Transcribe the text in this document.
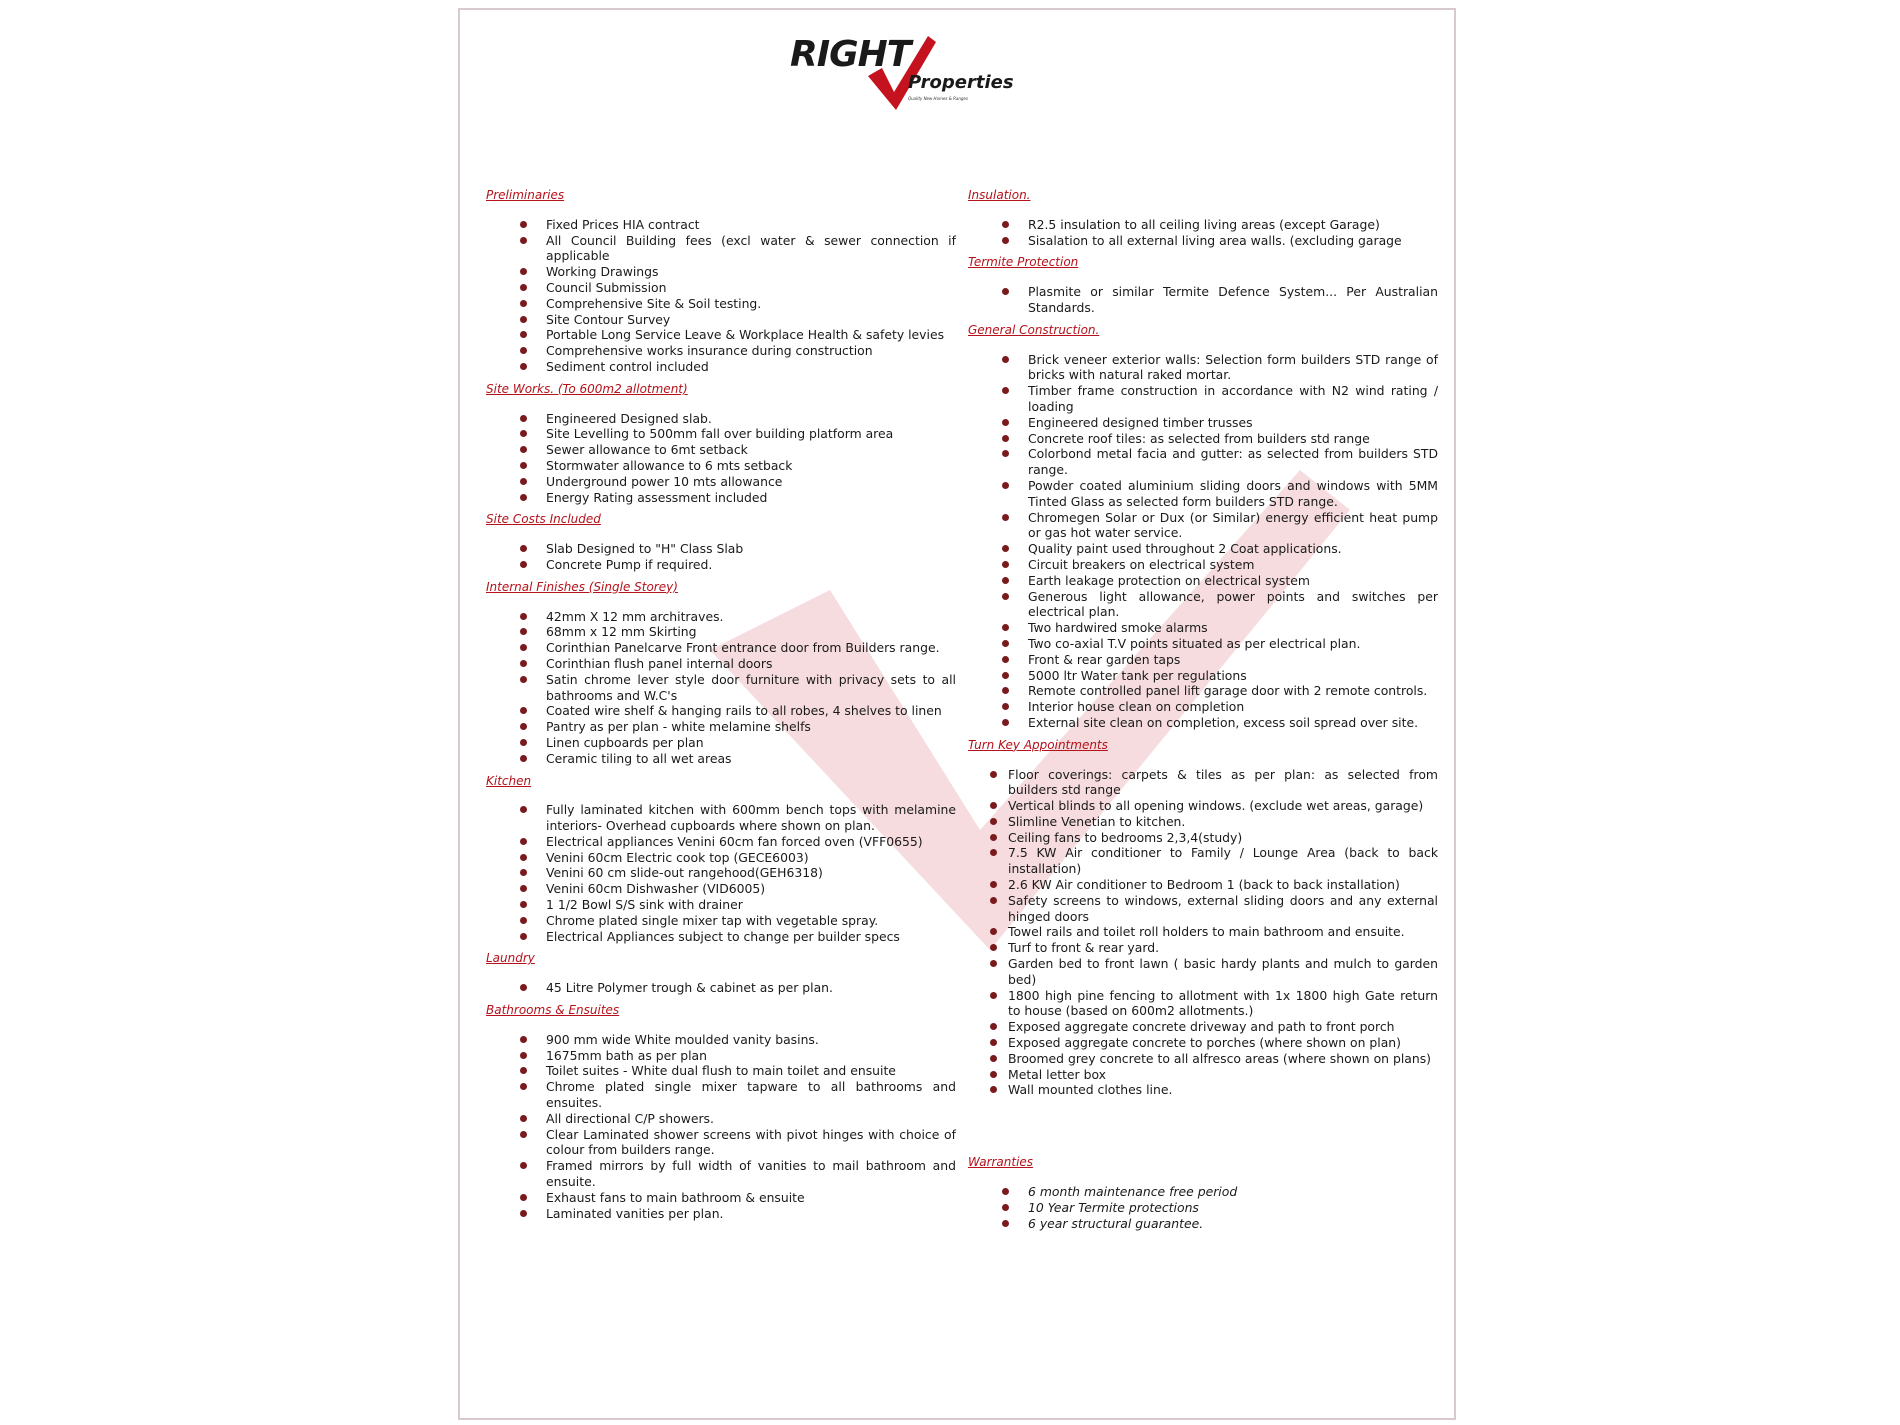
RIGHT
Properties
Quality New Homes & Ranges
Preliminaries
Fixed Prices HIA contract
All Council Building fees (excl water & sewer connection if applicable
Working Drawings
Council Submission
Comprehensive Site & Soil testing.
Site Contour Survey
Portable Long Service Leave & Workplace Health & safety levies
Comprehensive works insurance during construction
Sediment control included
Site Works. (To 600m2 allotment)
Engineered Designed slab.
Site Levelling to 500mm fall over building platform area
Sewer allowance to 6mt setback
Stormwater allowance to 6 mts setback
Underground power 10 mts allowance
Energy Rating assessment included
Site Costs Included
Slab Designed to "H" Class Slab
Concrete Pump if required.
Internal Finishes (Single Storey)
42mm X 12 mm architraves.
68mm x 12 mm Skirting
Corinthian Panelcarve Front entrance door from Builders range.
Corinthian flush panel internal doors
Satin chrome lever style door furniture with privacy sets to all bathrooms and W.C's
Coated wire shelf & hanging rails to all robes, 4 shelves to linen
Pantry as per plan - white melamine shelfs
Linen cupboards per plan
Ceramic tiling to all wet areas
Kitchen
Fully laminated kitchen with 600mm bench tops with melamine interiors- Overhead cupboards where shown on plan.
Electrical appliances Venini 60cm fan forced oven (VFF0655)
Venini 60cm Electric cook top (GECE6003)
Venini 60 cm slide-out rangehood(GEH6318)
Venini 60cm Dishwasher (VID6005)
1 1/2 Bowl S/S sink with drainer
Chrome plated single mixer tap with vegetable spray.
Electrical Appliances subject to change per builder specs
Laundry
45 Litre Polymer trough & cabinet as per plan.
Bathrooms & Ensuites
900 mm wide White moulded vanity basins.
1675mm bath as per plan
Toilet suites - White dual flush to main toilet and ensuite
Chrome plated single mixer tapware to all bathrooms and ensuites.
All directional C/P showers.
Clear Laminated shower screens with pivot hinges with choice of colour from builders range.
Framed mirrors by full width of vanities to mail bathroom and ensuite.
Exhaust fans to main bathroom & ensuite
Laminated vanities per plan.
Insulation.
R2.5 insulation to all ceiling living areas (except Garage)
Sisalation to all external living area walls. (excluding garage
Termite Protection
Plasmite or similar Termite Defence System... Per Australian Standards.
General Construction.
Brick veneer exterior walls: Selection form builders STD range of bricks with natural raked mortar.
Timber frame construction in accordance with N2 wind rating / loading
Engineered designed timber trusses
Concrete roof tiles: as selected from builders std range
Colorbond metal facia and gutter: as selected from builders STD range.
Powder coated aluminium sliding doors and windows with 5MM Tinted Glass as selected form builders STD range.
Chromegen Solar or Dux (or Similar) energy efficient heat pump or gas hot water service.
Quality paint used throughout 2 Coat applications.
Circuit breakers on electrical system
Earth leakage protection on electrical system
Generous light allowance, power points and switches per electrical plan.
Two hardwired smoke alarms
Two co-axial T.V points situated as per electrical plan.
Front & rear garden taps
5000 ltr Water tank per regulations
Remote controlled panel lift garage door with 2 remote controls.
Interior house clean on completion
External site clean on completion, excess soil spread over site.
Turn Key Appointments
Floor coverings: carpets & tiles as per plan: as selected from builders std range
Vertical blinds to all opening windows. (exclude wet areas, garage)
Slimline Venetian to kitchen.
Ceiling fans to bedrooms 2,3,4(study)
7.5 KW Air conditioner to Family / Lounge Area (back to back installation)
2.6 KW Air conditioner to Bedroom 1 (back to back installation)
Safety screens to windows, external sliding doors and any external hinged doors
Towel rails and toilet roll holders to main bathroom and ensuite.
Turf to front & rear yard.
Garden bed to front lawn ( basic hardy plants and mulch to garden bed)
1800 high pine fencing to allotment with 1x 1800 high Gate return to house (based on 600m2 allotments.)
Exposed aggregate concrete driveway and path to front porch
Exposed aggregate concrete to porches (where shown on plan)
Broomed grey concrete to all alfresco areas (where shown on plans)
Metal letter box
Wall mounted clothes line.
Warranties
6 month maintenance free period
10 Year Termite protections
6 year structural guarantee.
